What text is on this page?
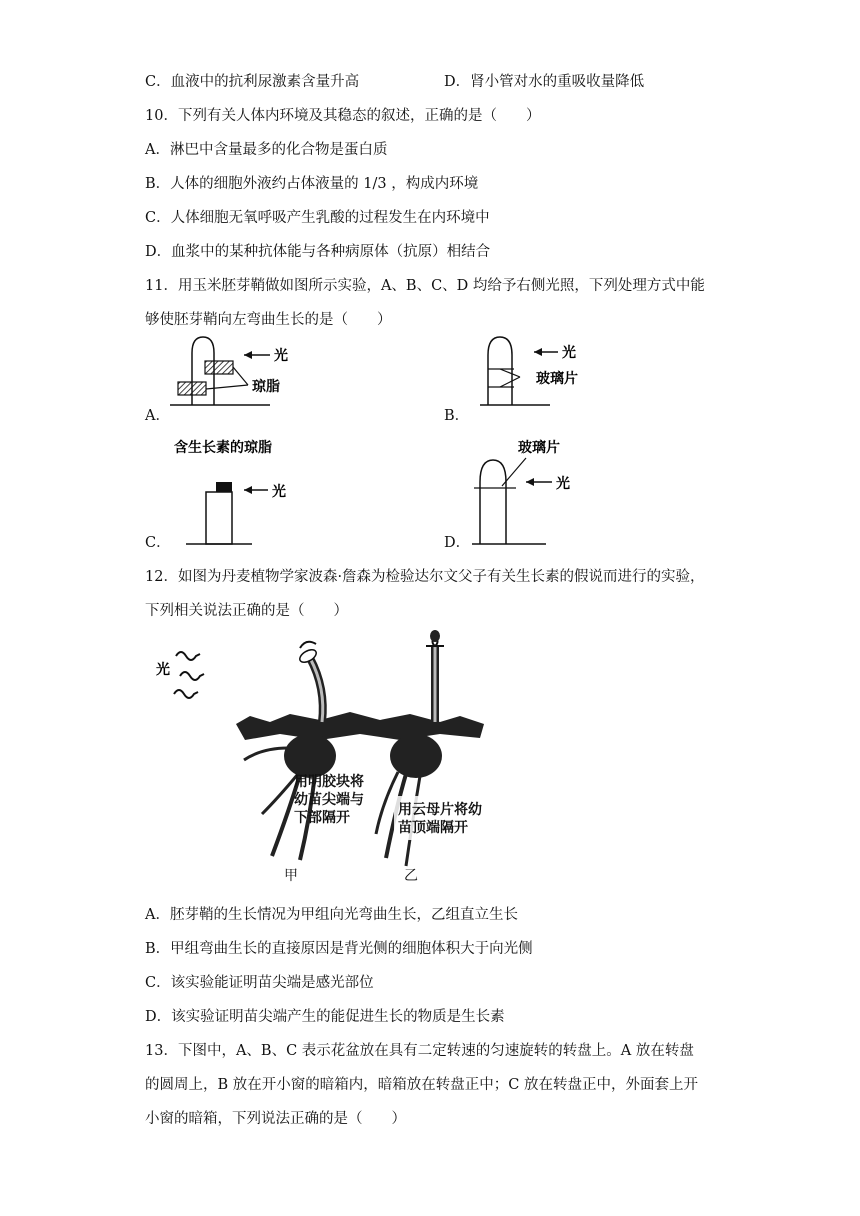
C．血液中的抗利尿激素含量升高	D．肾小管对水的重吸收量降低
10．下列有关人体内环境及其稳态的叙述，正确的是（　　）
A．淋巴中含量最多的化合物是蛋白质
B．人体的细胞外液约占体液量的 1/3 ，构成内环境
C．人体细胞无氧呼吸产生乳酸的过程发生在内环境中
D．血浆中的某种抗体能与各种病原体（抗原）相结合
11．用玉米胚芽鞘做如图所示实验，A、B、C、D 均给予右侧光照，下列处理方式中能
够使胚芽鞘向左弯曲生长的是（　　）
光
琼脂
A．
光
玻璃片
B．
含生长素的琼脂
光
C．
玻璃片
光
D．
12．如图为丹麦植物学家波森·詹森为检验达尔文父子有关生长素的假说而进行的实验，
下列相关说法正确的是（　　）
光
用明胶块将
幼苗尖端与
下部隔开	用云母片将幼
苗顶端隔开
甲	乙
A．胚芽鞘的生长情况为甲组向光弯曲生长，乙组直立生长
B．甲组弯曲生长的直接原因是背光侧的细胞体积大于向光侧
C．该实验能证明苗尖端是感光部位
D．该实验证明苗尖端产生的能促进生长的物质是生长素
13．下图中，A、B、C 表示花盆放在具有二定转速的匀速旋转的转盘上。A 放在转盘
的圆周上，B 放在开小窗的暗箱内，暗箱放在转盘正中；C 放在转盘正中，外面套上开
小窗的暗箱，下列说法正确的是（　　）
